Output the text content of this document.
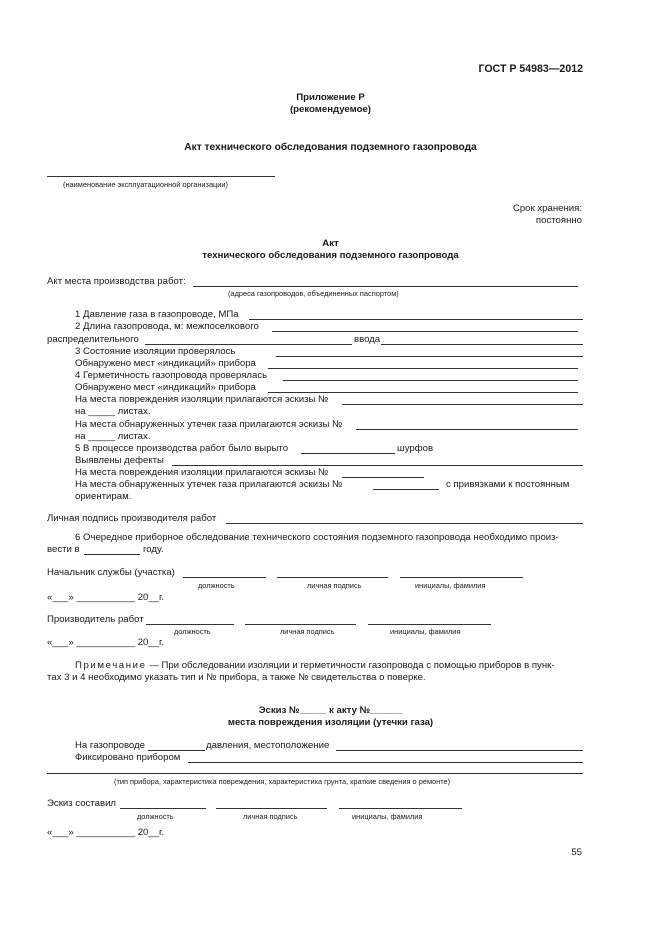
ГОСТ Р 54983—2012
Приложение Р
(рекомендуемое)
Акт технического обследования подземного газопровода
(наименование эксплуатационной организации)
Срок хранения:
постоянно
Акт
технического обследования подземного газопровода
Акт места производства работ:
(адреса газопроводов, объединенных паспортом)
1 Давление газа в газопроводе, МПа
2 Длина газопровода, м: межпоселкового
распределительного	ввода
3 Состояние изоляции проверялось
Обнаружено мест «индикаций» прибора
4 Герметичность газопровода проверялась
Обнаружено мест «индикаций» прибора
На места повреждения изоляции прилагаются эскизы №
на _____ листах.
На места обнаруженных утечек газа прилагаются эскизы №
на _____ листах.
5 В процессе производства работ было вырыто	шурфов
Выявлены дефекты
На места повреждения изоляции прилагаются эскизы №
На места обнаруженных утечек газа прилагаются эскизы №	с привязками к постоянным
ориентирам.
Личная подпись производителя работ
6 Очередное приборное обследование технического состояния подземного газопровода необходимо произ-
вести в	году.
Начальник службы (участка)
должность	личная подпись	инициалы, фамилия
«___» ___________ 20__г.
Производитель работ
должность	личная подпись	инициалы, фамилия
«___» ___________ 20__г.
Примечание — При обследовании изоляции и герметичности газопровода с помощью приборов в пунк-
тах 3 и 4 необходимо указать тип и № прибора, а также № свидетельства о поверке.
Эскиз №_____ к акту №______
места повреждения изоляции (утечки газа)
На газопроводе	давления, местоположение
Фиксировано прибором
(тип прибора, характеристика повреждения, характеристика грунта, краткие сведения о ремонте)
Эскиз составил
должность	личная подпись	инициалы, фамилия
«___» ___________ 20__г.
55
